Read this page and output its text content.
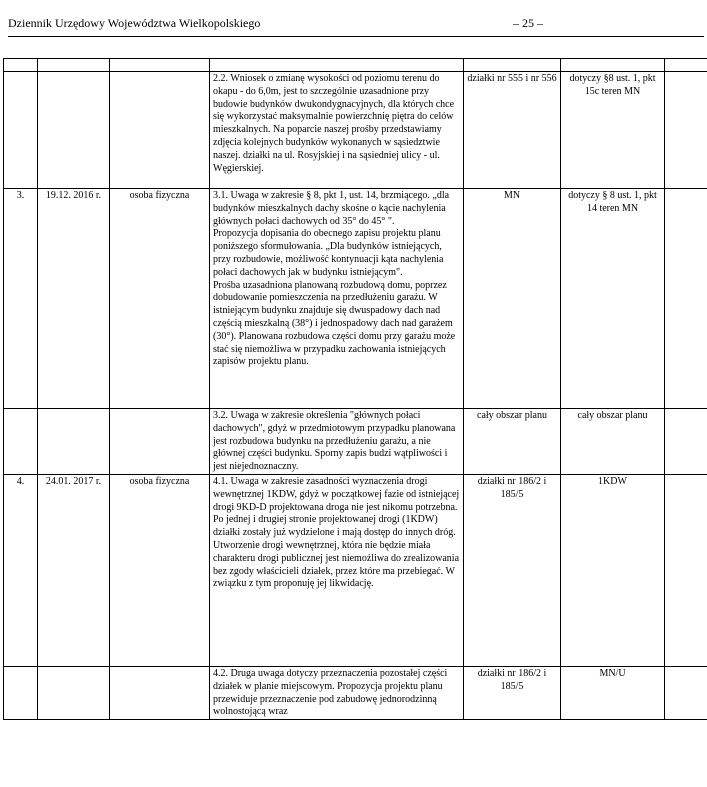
Dziennik Urzędowy Województwa Wielkopolskiego	– 25 –

			2.2. Wniosek o zmianę wysokości od poziomu terenu do okapu - do 6,0m, jest to szczególnie uzasadnione przy budowie budynków dwukondygnacyjnych, dla których chce się wykorzystać maksymalnie powierzchnię piętra do celów mieszkalnych. Na poparcie naszej prośby przedstawiamy zdjęcia kolejnych budynków wykonanych w sąsiedztwie naszej. działki na ul. Rosyjskiej i na sąsiedniej ulicy - ul. Węgierskiej.	działki nr 555 i nr 556	dotyczy §8 ust. 1, pkt 15c teren MN	
3.	19.12. 2016 r.	osoba fizyczna	3.1. Uwaga w zakresie § 8, pkt 1, ust. 14, brzmiącego. „dla budynków mieszkalnych dachy skośne o kącie nachylenia głównych połaci dachowych od 35° do 45° ".

Propozycja dopisania do obecnego zapisu projektu planu poniższego sformułowania. „Dla budynków istniejących, przy rozbudowie, możliwość kontynuacji kąta nachylenia połaci dachowych jak w budynku istniejącym".

Prośba uzasadniona planowaną rozbudową domu, poprzez dobudowanie pomieszczenia na przedłużeniu garażu. W istniejącym budynku znajduje się dwuspadowy dach nad częścią mieszkalną (38°) i jednospadowy dach nad garażem (30°). Planowana rozbudowa części domu przy garażu może stać się niemożliwa w przypadku zachowania istniejących zapisów projektu planu.	MN	dotyczy § 8 ust. 1, pkt 14 teren MN	

			3.2. Uwaga w zakresie określenia "głównych połaci dachowych", gdyż w przedmiotowym przypadku planowana jest rozbudowa budynku na przedłużeniu garażu, a nie głównej części budynku. Sporny zapis budzi wątpliwości i jest niejednoznaczny.	cały obszar planu	cały obszar planu	
4.	24.01. 2017 r.	osoba fizyczna	4.1. Uwaga w zakresie zasadności wyznaczenia drogi wewnętrznej 1KDW, gdyż w początkowej fazie od istniejącej drogi 9KD-D projektowana droga nie jest nikomu potrzebna. Po jednej i drugiej stronie projektowanej drogi (1KDW) działki zostały już wydzielone i mają dostęp do innych dróg. Utworzenie drogi wewnętrznej, która nie będzie miała charakteru drogi publicznej jest niemożliwa do zrealizowania bez zgody właścicieli działek, przez które ma przebiegać. W związku z tym proponuję jej likwidację.	działki nr 186/2 i 185/5	1KDW	

			4.2. Druga uwaga dotyczy przeznaczenia pozostałej części działek w planie miejscowym. Propozycja projektu planu przewiduje przeznaczenie pod zabudowę jednorodzinną wolnostojącą wraz	działki nr 186/2 i 185/5	MN/U	
